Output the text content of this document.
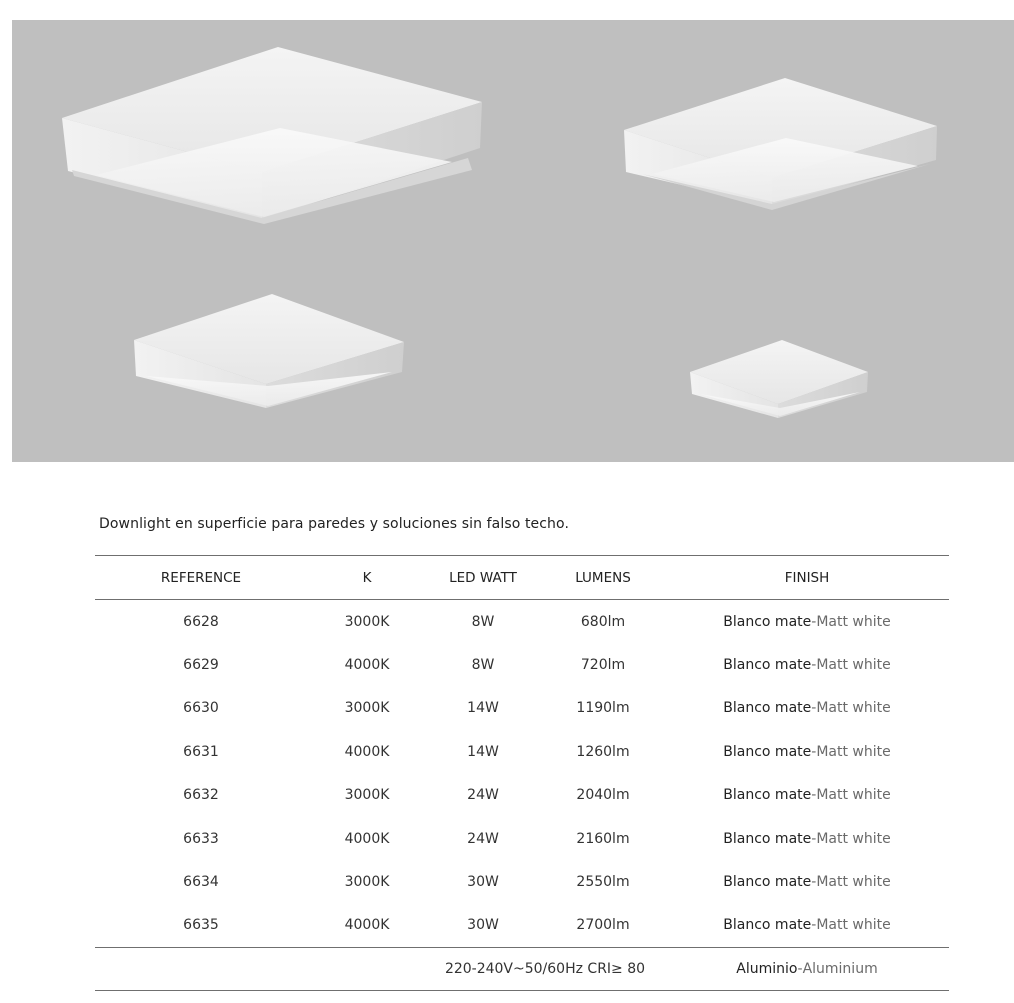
Downlight en superficie para paredes y soluciones sin falso techo.
REFERENCE	K	LED WATT	LUMENS	FINISH
6628	3000K	8W	680lm	Blanco mate - Matt white
6629	4000K	8W	720lm	Blanco mate - Matt white
6630	3000K	14W	1190lm	Blanco mate - Matt white
6631	4000K	14W	1260lm	Blanco mate - Matt white
6632	3000K	24W	2040lm	Blanco mate - Matt white
6633	4000K	24W	2160lm	Blanco mate - Matt white
6634	3000K	30W	2550lm	Blanco mate - Matt white
6635	4000K	30W	2700lm	Blanco mate - Matt white
220-240V~50/60Hz CRI≥ 80	Aluminio - Aluminium
